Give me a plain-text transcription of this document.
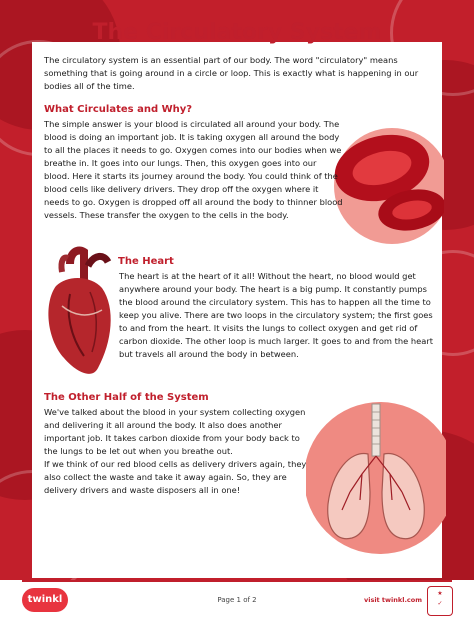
The Circulatory System

The circulatory system is an essential part of our body. The word "circulatory" means something that is going around in a circle or loop. This is exactly what is happening in our bodies all of the time.

What Circulates and Why?

The simple answer is your blood is circulated all around your body. The blood is doing an important job. It is taking oxygen all around the body to all the places it needs to go. Oxygen comes into our bodies when we breathe in. It goes into our lungs. Then, this oxygen goes into our blood. Here it starts its journey around the body. You could think of the blood cells like delivery drivers. They drop off the oxygen where it needs to go. Oxygen is dropped off all around the body to thinner blood vessels. These transfer the oxygen to the cells in the body.

The Heart

The heart is at the heart of it all! Without the heart, no blood would get anywhere around your body. The heart is a big pump. It constantly pumps the blood around the circulatory system. This has to happen all the time to keep you alive. There are two loops in the circulatory system; the first goes to and from the heart. It visits the lungs to collect oxygen and get rid of carbon dioxide. The other loop is much larger. It goes to and from the heart but travels all around the body in between.

The Other Half of the System

We've talked about the blood in your system collecting oxygen and delivering it all around the body. It also does another important job. It takes carbon dioxide from your body back to the lungs to be let out when you breathe out.
If we think of our red blood cells as delivery drivers again, they also collect the waste and take it away again. So, they are delivery drivers and waste disposers all in one!

twinkl	Page 1 of 2	visit twinkl.com
★
✓
